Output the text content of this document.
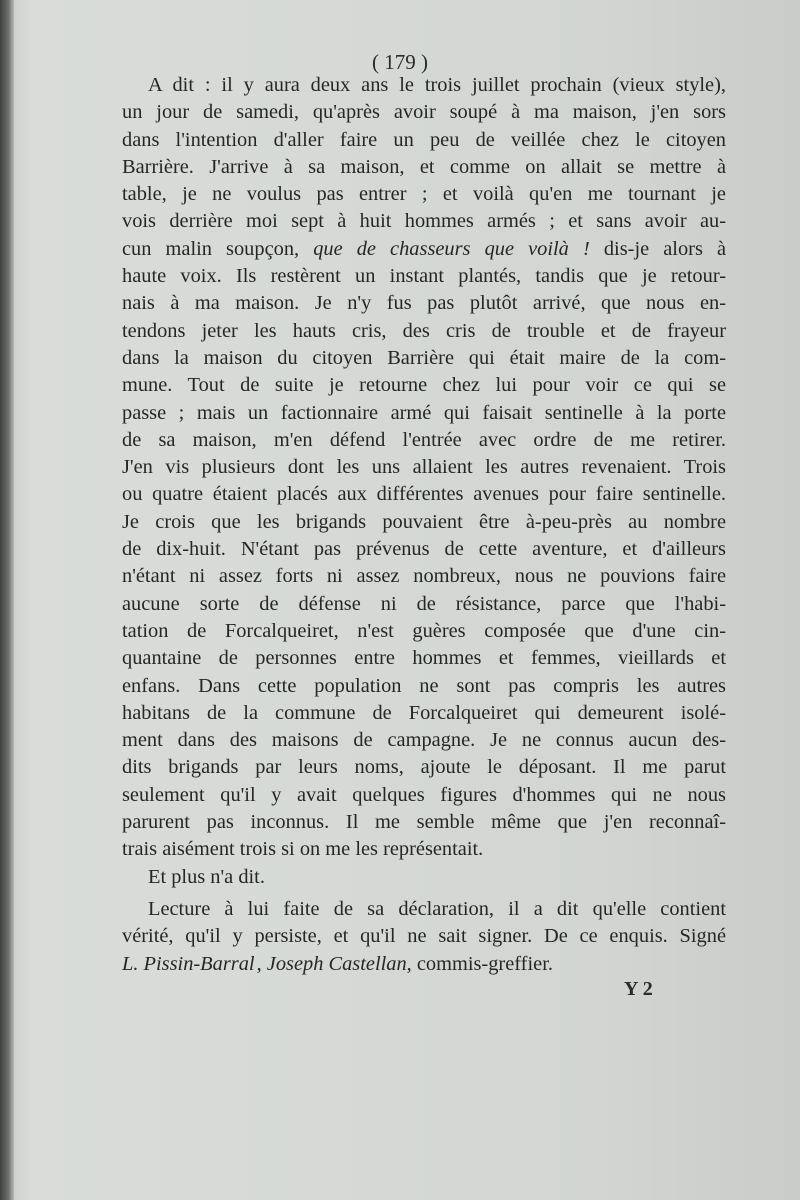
( 179 )
A dit : il y aura deux ans le trois juillet prochain (vieux style),
un jour de samedi, qu'après avoir soupé à ma maison, j'en sors
dans l'intention d'aller faire un peu de veillée chez le citoyen
Barrière. J'arrive à sa maison, et comme on allait se mettre à
table, je ne voulus pas entrer ; et voilà qu'en me tournant je
vois derrière moi sept à huit hommes armés ; et sans avoir au-
cun malin soupçon, que de chasseurs que voilà ! dis-je alors à
haute voix. Ils restèrent un instant plantés, tandis que je retour-
nais à ma maison. Je n'y fus pas plutôt arrivé, que nous en-
tendons jeter les hauts cris, des cris de trouble et de frayeur
dans la maison du citoyen Barrière qui était maire de la com-
mune. Tout de suite je retourne chez lui pour voir ce qui se
passe ; mais un factionnaire armé qui faisait sentinelle à la porte
de sa maison, m'en défend l'entrée avec ordre de me retirer.
J'en vis plusieurs dont les uns allaient les autres revenaient. Trois
ou quatre étaient placés aux différentes avenues pour faire sentinelle.
Je crois que les brigands pouvaient être à-peu-près au nombre
de dix-huit. N'étant pas prévenus de cette aventure, et d'ailleurs
n'étant ni assez forts ni assez nombreux, nous ne pouvions faire
aucune sorte de défense ni de résistance, parce que l'habi-
tation de Forcalqueiret, n'est guères composée que d'une cin-
quantaine de personnes entre hommes et femmes, vieillards et
enfans. Dans cette population ne sont pas compris les autres
habitans de la commune de Forcalqueiret qui demeurent isolé-
ment dans des maisons de campagne. Je ne connus aucun des-
dits brigands par leurs noms, ajoute le déposant. Il me parut
seulement qu'il y avait quelques figures d'hommes qui ne nous
parurent pas inconnus. Il me semble même que j'en reconnaî-
trais aisément trois si on me les représentait.
Et plus n'a dit.
Lecture à lui faite de sa déclaration, il a dit qu'elle contient
vérité, qu'il y persiste, et qu'il ne sait signer. De ce enquis. Signé
L. Pissin-Barral, Joseph Castellan, commis-greffier.
Y 2
